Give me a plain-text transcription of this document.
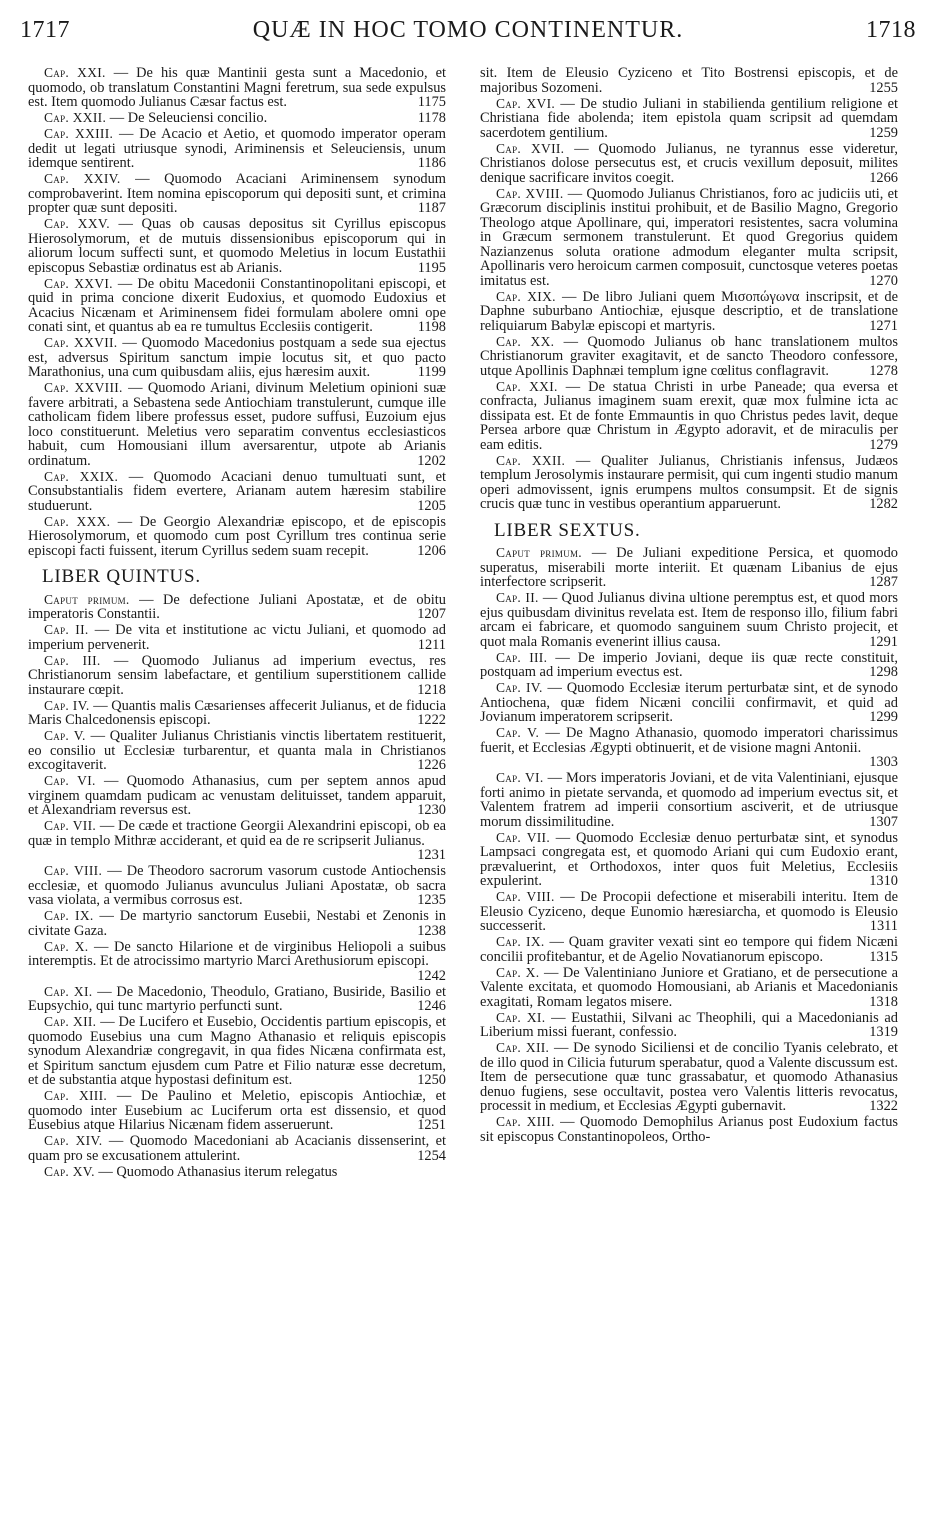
1717	QUÆ IN HOC TOMO CONTINENTUR.	1718
Cap. XXI. — De his quæ Mantinii gesta sunt a Macedonio, et quomodo, ob translatum Constantini Magni feretrum, sua sede expulsus est. Item quomodo Julianus Cæsar factus est.	1175
Cap. XXII. — De Seleuciensi concilio.	1178
Cap. XXIII. — De Acacio et Aetio, et quomodo imperator operam dedit ut legati utriusque synodi, Ariminensis et Seleuciensis, unum idemque sentirent.	1186
Cap. XXIV. — Quomodo Acaciani Ariminensem synodum comprobaverint. Item nomina episcoporum qui depositi sunt, et crimina propter quæ sunt depositi.	1187
Cap. XXV. — Quas ob causas depositus sit Cyrillus episcopus Hierosolymorum, et de mutuis dissensionibus episcoporum qui in aliorum locum suffecti sunt, et quomodo Meletius in locum Eustathii episcopus Sebastiæ ordinatus est ab Arianis.	1195
Cap. XXVI. — De obitu Macedonii Constantinopolitani episcopi, et quid in prima concione dixerit Eudoxius, et quomodo Eudoxius et Acacius Nicænam et Ariminensem fidei formulam abolere omni ope conati sint, et quantus ab ea re tumultus Ecclesiis contigerit.	1198
Cap. XXVII. — Quomodo Macedonius postquam a sede sua ejectus est, adversus Spiritum sanctum impie locutus sit, et quo pacto Marathonius, una cum quibusdam aliis, ejus hæresim auxit.	1199
Cap. XXVIII. — Quomodo Ariani, divinum Meletium opinioni suæ favere arbitrati, a Sebastena sede Antiochiam transtulerunt, cumque ille catholicam fidem libere professus esset, pudore suffusi, Euzoium ejus loco constituerunt. Meletius vero separatim conventus ecclesiasticos habuit, cum Homousiani illum aversarentur, utpote ab Arianis ordinatum.	1202
Cap. XXIX. — Quomodo Acaciani denuo tumultuati sunt, et Consubstantialis fidem evertere, Arianam autem hæresim stabilire studuerunt.	1205
Cap. XXX. — De Georgio Alexandriæ episcopo, et de episcopis Hierosolymorum, et quomodo cum post Cyrillum tres continua serie episcopi facti fuissent, iterum Cyrillus sedem suam recepit.	1206
LIBER QUINTUS.
Caput primum. — De defectione Juliani Apostatæ, et de obitu imperatoris Constantii.	1207
Cap. II. — De vita et institutione ac victu Juliani, et quomodo ad imperium pervenerit.	1211
Cap. III. — Quomodo Julianus ad imperium evectus, res Christianorum sensim labefactare, et gentilium superstitionem callide instaurare cœpit.	1218
Cap. IV. — Quantis malis Cæsarienses affecerit Julianus, et de fiducia Maris Chalcedonensis episcopi.	1222
Cap. V. — Qualiter Julianus Christianis vinctis libertatem restituerit, eo consilio ut Ecclesiæ turbarentur, et quanta mala in Christianos excogitaverit.	1226
Cap. VI. — Quomodo Athanasius, cum per septem annos apud virginem quamdam pudicam ac venustam delituisset, tandem apparuit, et Alexandriam reversus est.	1230
Cap. VII. — De cæde et tractione Georgii Alexandrini episcopi, ob ea quæ in templo Mithræ acciderant, et quid ea de re scripserit Julianus.
1231
Cap. VIII. — De Theodoro sacrorum vasorum custode Antiochensis ecclesiæ, et quomodo Julianus avunculus Juliani Apostatæ, ob sacra vasa violata, a vermibus corrosus est.	1235
Cap. IX. — De martyrio sanctorum Eusebii, Nestabi et Zenonis in civitate Gaza.	1238
Cap. X. — De sancto Hilarione et de virginibus Heliopoli a suibus interemptis. Et de atrocissimo martyrio Marci Arethusiorum episcopi.
1242
Cap. XI. — De Macedonio, Theodulo, Gratiano, Busiride, Basilio et Eupsychio, qui tunc martyrio perfuncti sunt.	1246
Cap. XII. — De Lucifero et Eusebio, Occidentis partium episcopis, et quomodo Eusebius una cum Magno Athanasio et reliquis episcopis synodum Alexandriæ congregavit, in qua fides Nicæna confirmata est, et Spiritum sanctum ejusdem cum Patre et Filio naturæ esse decretum, et de substantia atque hypostasi definitum est.	1250
Cap. XIII. — De Paulino et Meletio, episcopis Antiochiæ, et quomodo inter Eusebium ac Luciferum orta est dissensio, et quod Eusebius atque Hilarius Nicænam fidem asseruerunt.	1251
Cap. XIV. — Quomodo Macedoniani ab Acacianis dissenserint, et quam pro se excusationem attulerint.	1254
Cap. XV. — Quomodo Athanasius iterum relegatus
sit. Item de Eleusio Cyziceno et Tito Bostrensi episcopis, et de majoribus Sozomeni.	1255
Cap. XVI. — De studio Juliani in stabilienda gentilium religione et Christiana fide abolenda; item epistola quam scripsit ad quemdam sacerdotem gentilium.	1259
Cap. XVII. — Quomodo Julianus, ne tyrannus esse videretur, Christianos dolose persecutus est, et crucis vexillum deposuit, milites denique sacrificare invitos coegit.	1266
Cap. XVIII. — Quomodo Julianus Christianos, foro ac judiciis uti, et Græcorum disciplinis institui prohibuit, et de Basilio Magno, Gregorio Theologo atque Apollinare, qui, imperatori resistentes, sacra volumina in Græcum sermonem transtulerunt. Et quod Gregorius quidem Nazianzenus soluta oratione admodum eleganter multa scripsit, Apollinaris vero heroicum carmen composuit, cunctosque veteres poetas imitatus est.	1270
Cap. XIX. — De libro Juliani quem Μισοπώγωνα inscripsit, et de Daphne suburbano Antiochiæ, ejusque descriptio, et de translatione reliquiarum Babylæ episcopi et martyris.	1271
Cap. XX. — Quomodo Julianus ob hanc translationem multos Christianorum graviter exagitavit, et de sancto Theodoro confessore, utque Apollinis Daphnæi templum igne cœlitus conflagravit.	1278
Cap. XXI. — De statua Christi in urbe Paneade; qua eversa et confracta, Julianus imaginem suam erexit, quæ mox fulmine icta ac dissipata est. Et de fonte Emmauntis in quo Christus pedes lavit, deque Persea arbore quæ Christum in Ægypto adoravit, et de miraculis per eam editis.	1279
Cap. XXII. — Qualiter Julianus, Christianis infensus, Judæos templum Jerosolymis instaurare permisit, qui cum ingenti studio manum operi admovissent, ignis erumpens multos consumpsit. Et de signis crucis quæ tunc in vestibus operantium apparuerunt.	1282
LIBER SEXTUS.
Caput primum. — De Juliani expeditione Persica, et quomodo superatus, miserabili morte interiit. Et quænam Libanius de ejus interfectore scripserit.	1287
Cap. II. — Quod Julianus divina ultione peremptus est, et quod mors ejus quibusdam divinitus revelata est. Item de responso illo, filium fabri arcam ei fabricare, et quomodo sanguinem suum Christo projecit, et quot mala Romanis evenerint illius causa.	1291
Cap. III. — De imperio Joviani, deque iis quæ recte constituit, postquam ad imperium evectus est.	1298
Cap. IV. — Quomodo Ecclesiæ iterum perturbatæ sint, et de synodo Antiochena, quæ fidem Nicæni concilii confirmavit, et quid ad Jovianum imperatorem scripserit.	1299
Cap. V. — De Magno Athanasio, quomodo imperatori charissimus fuerit, et Ecclesias Ægypti obtinuerit, et de visione magni Antonii.
1303
Cap. VI. — Mors imperatoris Joviani, et de vita Valentiniani, ejusque forti animo in pietate servanda, et quomodo ad imperium evectus sit, et Valentem fratrem ad imperii consortium asciverit, et de utriusque morum dissimilitudine.	1307
Cap. VII. — Quomodo Ecclesiæ denuo perturbatæ sint, et synodus Lampsaci congregata est, et quomodo Ariani qui cum Eudoxio erant, prævaluerint, et Orthodoxos, inter quos fuit Meletius, Ecclesiis expulerint.	1310
Cap. VIII. — De Procopii defectione et miserabili interitu. Item de Eleusio Cyziceno, deque Eunomio hæresiarcha, et quomodo is Eleusio successerit.	1311
Cap. IX. — Quam graviter vexati sint eo tempore qui fidem Nicæni concilii profitebantur, et de Agelio Novatianorum episcopo.	1315
Cap. X. — De Valentiniano Juniore et Gratiano, et de persecutione a Valente excitata, et quomodo Homousiani, ab Arianis et Macedonianis exagitati, Romam legatos misere.	1318
Cap. XI. — Eustathii, Silvani ac Theophili, qui a Macedonianis ad Liberium missi fuerant, confessio.	1319
Cap. XII. — De synodo Siciliensi et de concilio Tyanis celebrato, et de illo quod in Cilicia futurum sperabatur, quod a Valente discussum est. Item de persecutione quæ tunc grassabatur, et quomodo Athanasius denuo fugiens, sese occultavit, postea vero Valentis litteris revocatus, processit in medium, et Ecclesias Ægypti gubernavit.	1322
Cap. XIII. — Quomodo Demophilus Arianus post Eudoxium factus sit episcopus Constantinopoleos, Ortho-
